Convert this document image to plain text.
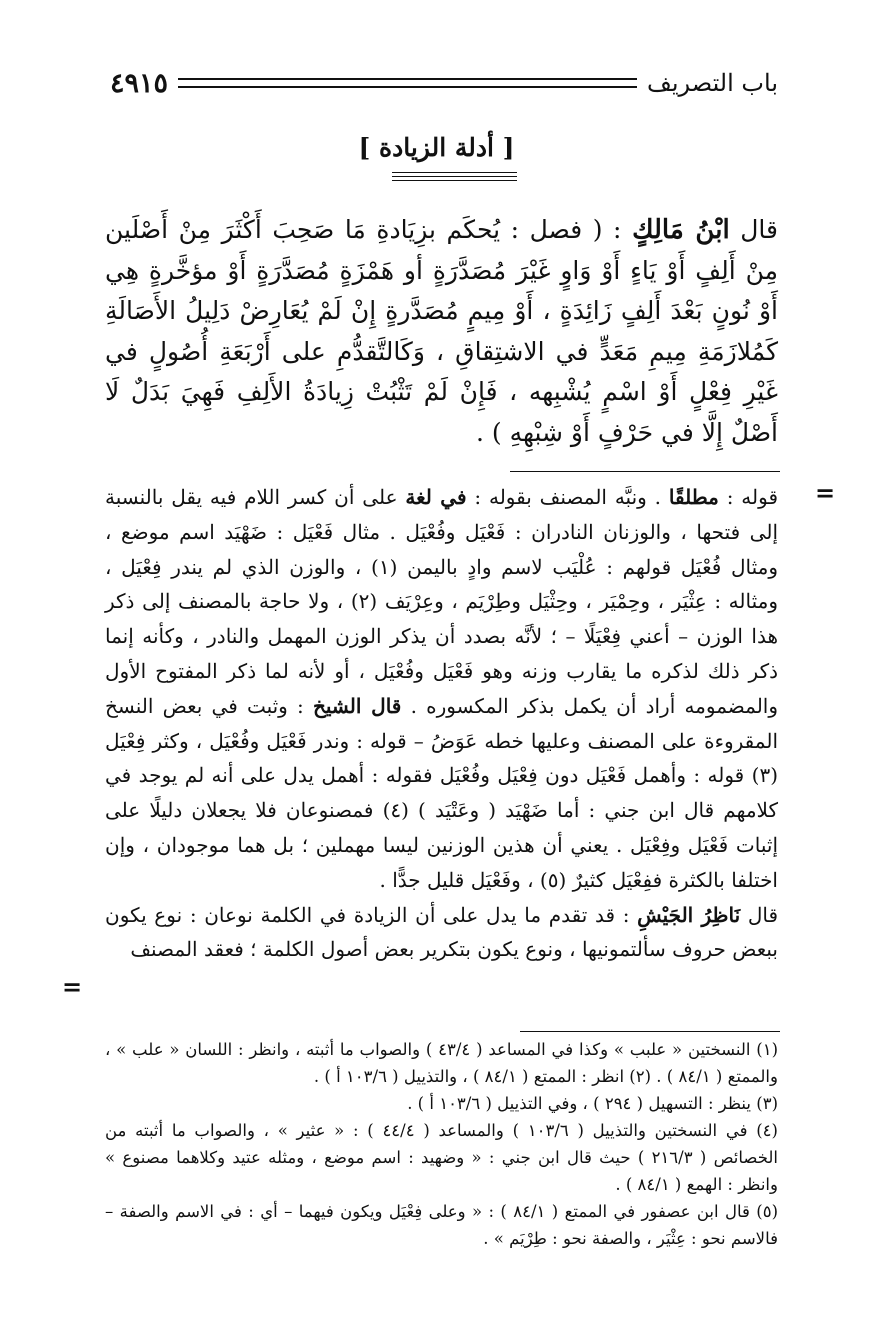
باب التصريف
٤٩١٥
[ أدلة الزيادة ]
قال ابْنُ مَالِكٍ : ( فصل : يُحكَم بزِيَادةِ مَا صَحِبَ أَكْثَرَ مِنْ أَصْلَين مِنْ أَلِفٍ أَوْ يَاءٍ أَوْ وَاوٍ غَيْرَ مُصَدَّرَةٍ أو هَمْزَةٍ مُصَدَّرَةٍ أَوْ مؤخَّرةٍ هِي أَوْ نُونٍ بَعْدَ أَلِفٍ زَائِدَةٍ ، أَوْ مِيمٍ مُصَدَّرةٍ إِنْ لَمْ يُعَارِضْ دَلِيلُ الأَصَالَةِ كَمُلازَمَةِ مِيمِ مَعَدٍّ في الاشتِقاقِ ، وَكَالتَّقدُّمِ على أَرْبَعَةِ أُصُولٍ في غَيْرِ فِعْلٍ أَوْ اسْمٍ يُشْبِهه ، فَإِنْ لَمْ تَثْبُتْ زِيادَةُ الأَلِفِ فَهِيَ بَدَلٌ لَا أَصْلٌ إِلَّا في حَرْفٍ أَوْ شِبْهِهِ ) .
=
قوله : مطلقًا . ونبَّه المصنف بقوله : في لغة على أن كسر اللام فيه يقل بالنسبة إلى فتحها ، والوزنان النادران : فَعْيَل وفُعْيَل . مثال فَعْيَل : ضَهْيَد اسم موضع ، ومثال فُعْيَل قولهم : عُلْيَب لاسم وادٍ باليمن (١) ، والوزن الذي لم يندر فِعْيَل ، ومثاله : عِثْيَر ، وحِمْيَر ، وحِثْيَل وطِرْيَم ، وعِرْيَف (٢) ، ولا حاجة بالمصنف إلى ذكر هذا الوزن – أعني فِعْيَلًا – ؛ لأنَّه بصدد أن يذكر الوزن المهمل والنادر ، وكأنه إنما ذكر ذلك لذكره ما يقارب وزنه وهو فَعْيَل وفُعْيَل ، أو لأنه لما ذكر المفتوح الأول والمضمومه أراد أن يكمل بذكر المكسوره . قال الشيخ : وثبت في بعض النسخ المقروءة على المصنف وعليها خطه عَوَضُ – قوله : وندر فَعْيَل وفُعْيَل ، وكثر فِعْيَل (٣) قوله : وأهمل فَعْيَل دون فِعْيَل وفُعْيَل فقوله : أهمل يدل على أنه لم يوجد في كلامهم قال ابن جني : أما ضَهْيَد ( وعَتْيَد ) (٤) فمصنوعان فلا يجعلان دليلًا على إثبات فَعْيَل وفِعْيَل . يعني أن هذين الوزنين ليسا مهملين ؛ بل هما موجودان ، وإن اختلفا بالكثرة ففِعْيَل كثيرٌ (٥) ، وفَعْيَل قليل جدًّا .
قال نَاظِرُ الجَيْشِ : قد تقدم ما يدل على أن الزيادة في الكلمة نوعان : نوع يكون ببعض حروف سألتمونيها ، ونوع يكون بتكرير بعض أصول الكلمة ؛ فعقد المصنف
=

(١) النسختين « علبب » وكذا في المساعد ( ٤٣/٤ ) والصواب ما أثبته ، وانظر : اللسان « علب » ، والممتع ( ٨٤/١ ) . (٢) انظر : الممتع ( ٨٤/١ ) ، والتذييل ( ١٠٣/٦ أ ) .

(٣) ينظر : التسهيل ( ٢٩٤ ) ، وفي التذييل ( ١٠٣/٦ أ ) .

(٤) في النسختين والتذييل ( ١٠٣/٦ ) والمساعد ( ٤٤/٤ ) : « عثير » ، والصواب ما أثبته من الخصائص ( ٢١٦/٣ ) حيث قال ابن جني : « وضهيد : اسم موضع ، ومثله عتيد وكلاهما مصنوع » وانظر : الهمع ( ٨٤/١ ) .

(٥) قال ابن عصفور في الممتع ( ٨٤/١ ) : « وعلى فِعْيَل ويكون فيهما – أي : في الاسم والصفة – فالاسم نحو : عِثْيَر ، والصفة نحو : طِرْيَم » .
